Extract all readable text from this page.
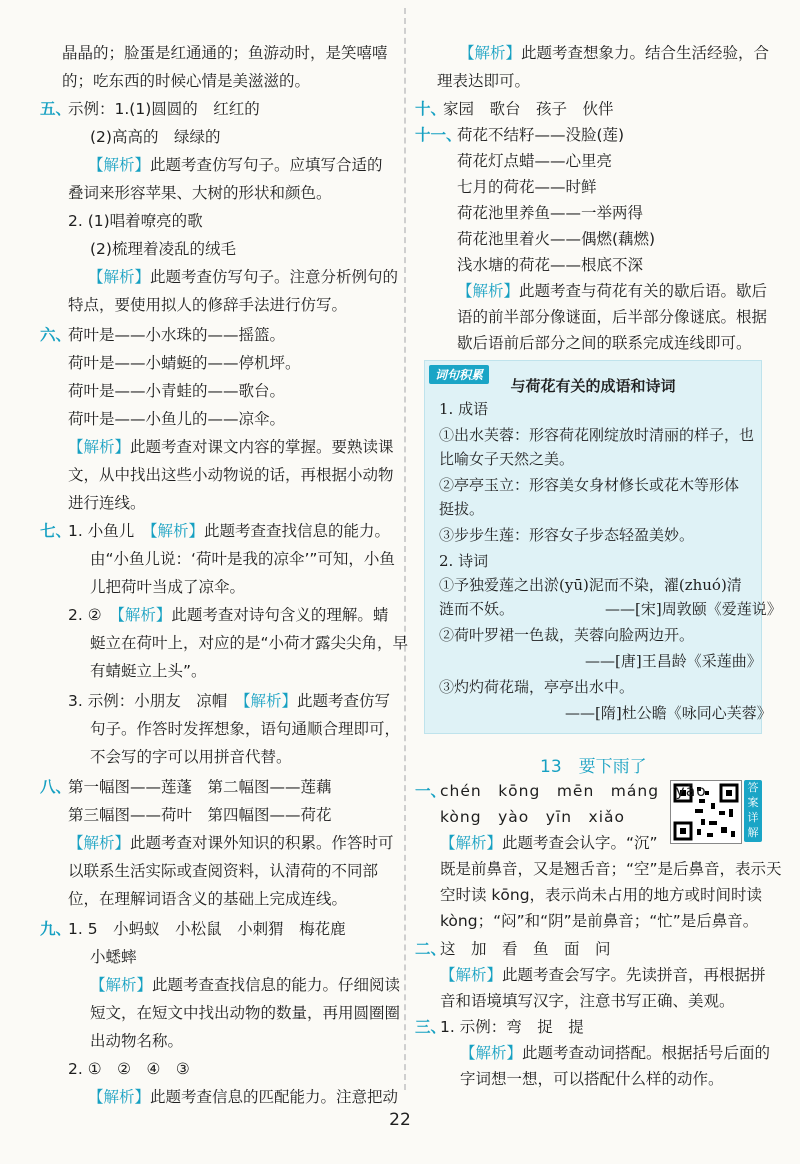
晶晶的；脸蛋是红通通的；鱼游动时，是笑嘻嘻
的；吃东西的时候心情是美滋滋的。
五、
示例：1.(1)圆圆的　红红的
(2)高高的　绿绿的
【解析】此题考查仿写句子。应填写合适的
叠词来形容苹果、大树的形状和颜色。
2. (1)唱着嘹亮的歌
(2)梳理着凌乱的绒毛
【解析】此题考查仿写句子。注意分析例句的
特点，要使用拟人的修辞手法进行仿写。
六、
荷叶是——小水珠的——摇篮。
荷叶是——小蜻蜓的——停机坪。
荷叶是——小青蛙的——歌台。
荷叶是——小鱼儿的——凉伞。
【解析】此题考查对课文内容的掌握。要熟读课
文，从中找出这些小动物说的话，再根据小动物
进行连线。
七、
1. 小鱼儿　 【解析】此题考查查找信息的能力。
由“小鱼儿说：‘荷叶是我的凉伞’”可知，小鱼
儿把荷叶当成了凉伞。
2. ②　 【解析】此题考查对诗句含义的理解。蜻
蜓立在荷叶上，对应的是“小荷才露尖尖角，早
有蜻蜓立上头”。
3. 示例：小朋友　凉帽　 【解析】此题考查仿写
句子。作答时发挥想象，语句通顺合理即可，
不会写的字可以用拼音代替。
八、
第一幅图——莲蓬　第二幅图——莲藕
第三幅图——荷叶　第四幅图——荷花
【解析】此题考查对课外知识的积累。作答时可
以联系生活实际或查阅资料，认清荷的不同部
位，在理解词语含义的基础上完成连线。
九、
1. 5　小蚂蚁　小松鼠　小刺猬　梅花鹿
小蟋蟀
【解析】此题考查查找信息的能力。仔细阅读
短文，在短文中找出动物的数量，再用圆圈圈
出动物名称。
2. ①　②　④　③
【解析】此题考查想象力。结合生活经验，合
理表达即可。
十、
家园　歌台　孩子　伙伴
十一、
荷花不结籽——没脸(莲)
荷花灯点蜡——心里亮
七月的荷花——时鲜
荷花池里养鱼——一举两得
荷花池里着火——偶燃(藕燃)
浅水塘的荷花——根底不深
【解析】此题考查与荷花有关的歇后语。歇后
语的前半部分像谜面，后半部分像谜底。根据
歇后语前后部分之间的联系完成连线即可。
词句积累
与荷花有关的成语和诗词
1. 成语
①出水芙蓉：形容荷花刚绽放时清丽的样子，也
比喻女子天然之美。
②亭亭玉立：形容美女身材修长或花木等形体
挺拔。
③步步生莲：形容女子步态轻盈美妙。
2. 诗词
①予独爱莲之出淤(yū)泥而不染，濯(zhuó)清
涟而不妖。	——[宋]周敦颐《爱莲说》
②荷叶罗裙一色裁，芙蓉向脸两边开。
——[唐]王昌龄《采莲曲》
③灼灼荷花瑞，亭亭出水中。
——[隋]杜公瞻《咏同心芙蓉》
13　要下雨了
答案详解
一、
chén　kōng　mēn　máng　yāo
kòng　yào　yīn　xiǎo
【解析】此题考查会认字。“沉”
既是前鼻音，又是翘舌音；“空”是后鼻音，表示天
空时读 kōng，表示尚未占用的地方或时间时读
kòng；“闷”和“阴”是前鼻音；“忙”是后鼻音。
二、
这　加　看　鱼　面　问
【解析】此题考查会写字。先读拼音，再根据拼
音和语境填写汉字，注意书写正确、美观。
三、
1. 示例：弯　捉　提
【解析】此题考查动词搭配。根据括号后面的
字词想一想，可以搭配什么样的动作。
【解析】此题考查信息的匹配能力。注意把动
22
